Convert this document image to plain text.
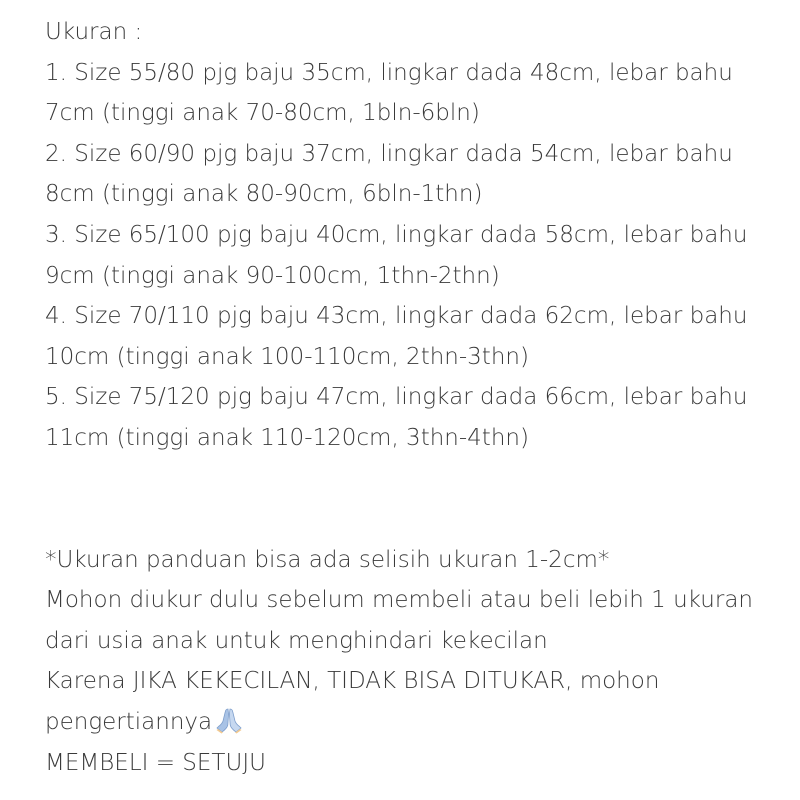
Ukuran :
1. Size 55/80 pjg baju 35cm, lingkar dada 48cm, lebar bahu
7cm (tinggi anak 70-80cm, 1bln-6bln)
2. Size 60/90 pjg baju 37cm, lingkar dada 54cm, lebar bahu
8cm (tinggi anak 80-90cm, 6bln-1thn)
3. Size 65/100 pjg baju 40cm, lingkar dada 58cm, lebar bahu
9cm (tinggi anak 90-100cm, 1thn-2thn)
4. Size 70/110 pjg baju 43cm, lingkar dada 62cm, lebar bahu
10cm (tinggi anak 100-110cm, 2thn-3thn)
5. Size 75/120 pjg baju 47cm, lingkar dada 66cm, lebar bahu
11cm (tinggi anak 110-120cm, 3thn-4thn)
*Ukuran panduan bisa ada selisih ukuran 1-2cm*
Mohon diukur dulu sebelum membeli atau beli lebih 1 ukuran
dari usia anak untuk menghindari kekecilan
Karena JIKA KEKECILAN, TIDAK BISA DITUKAR, mohon
pengertiannya
MEMBELI = SETUJU
